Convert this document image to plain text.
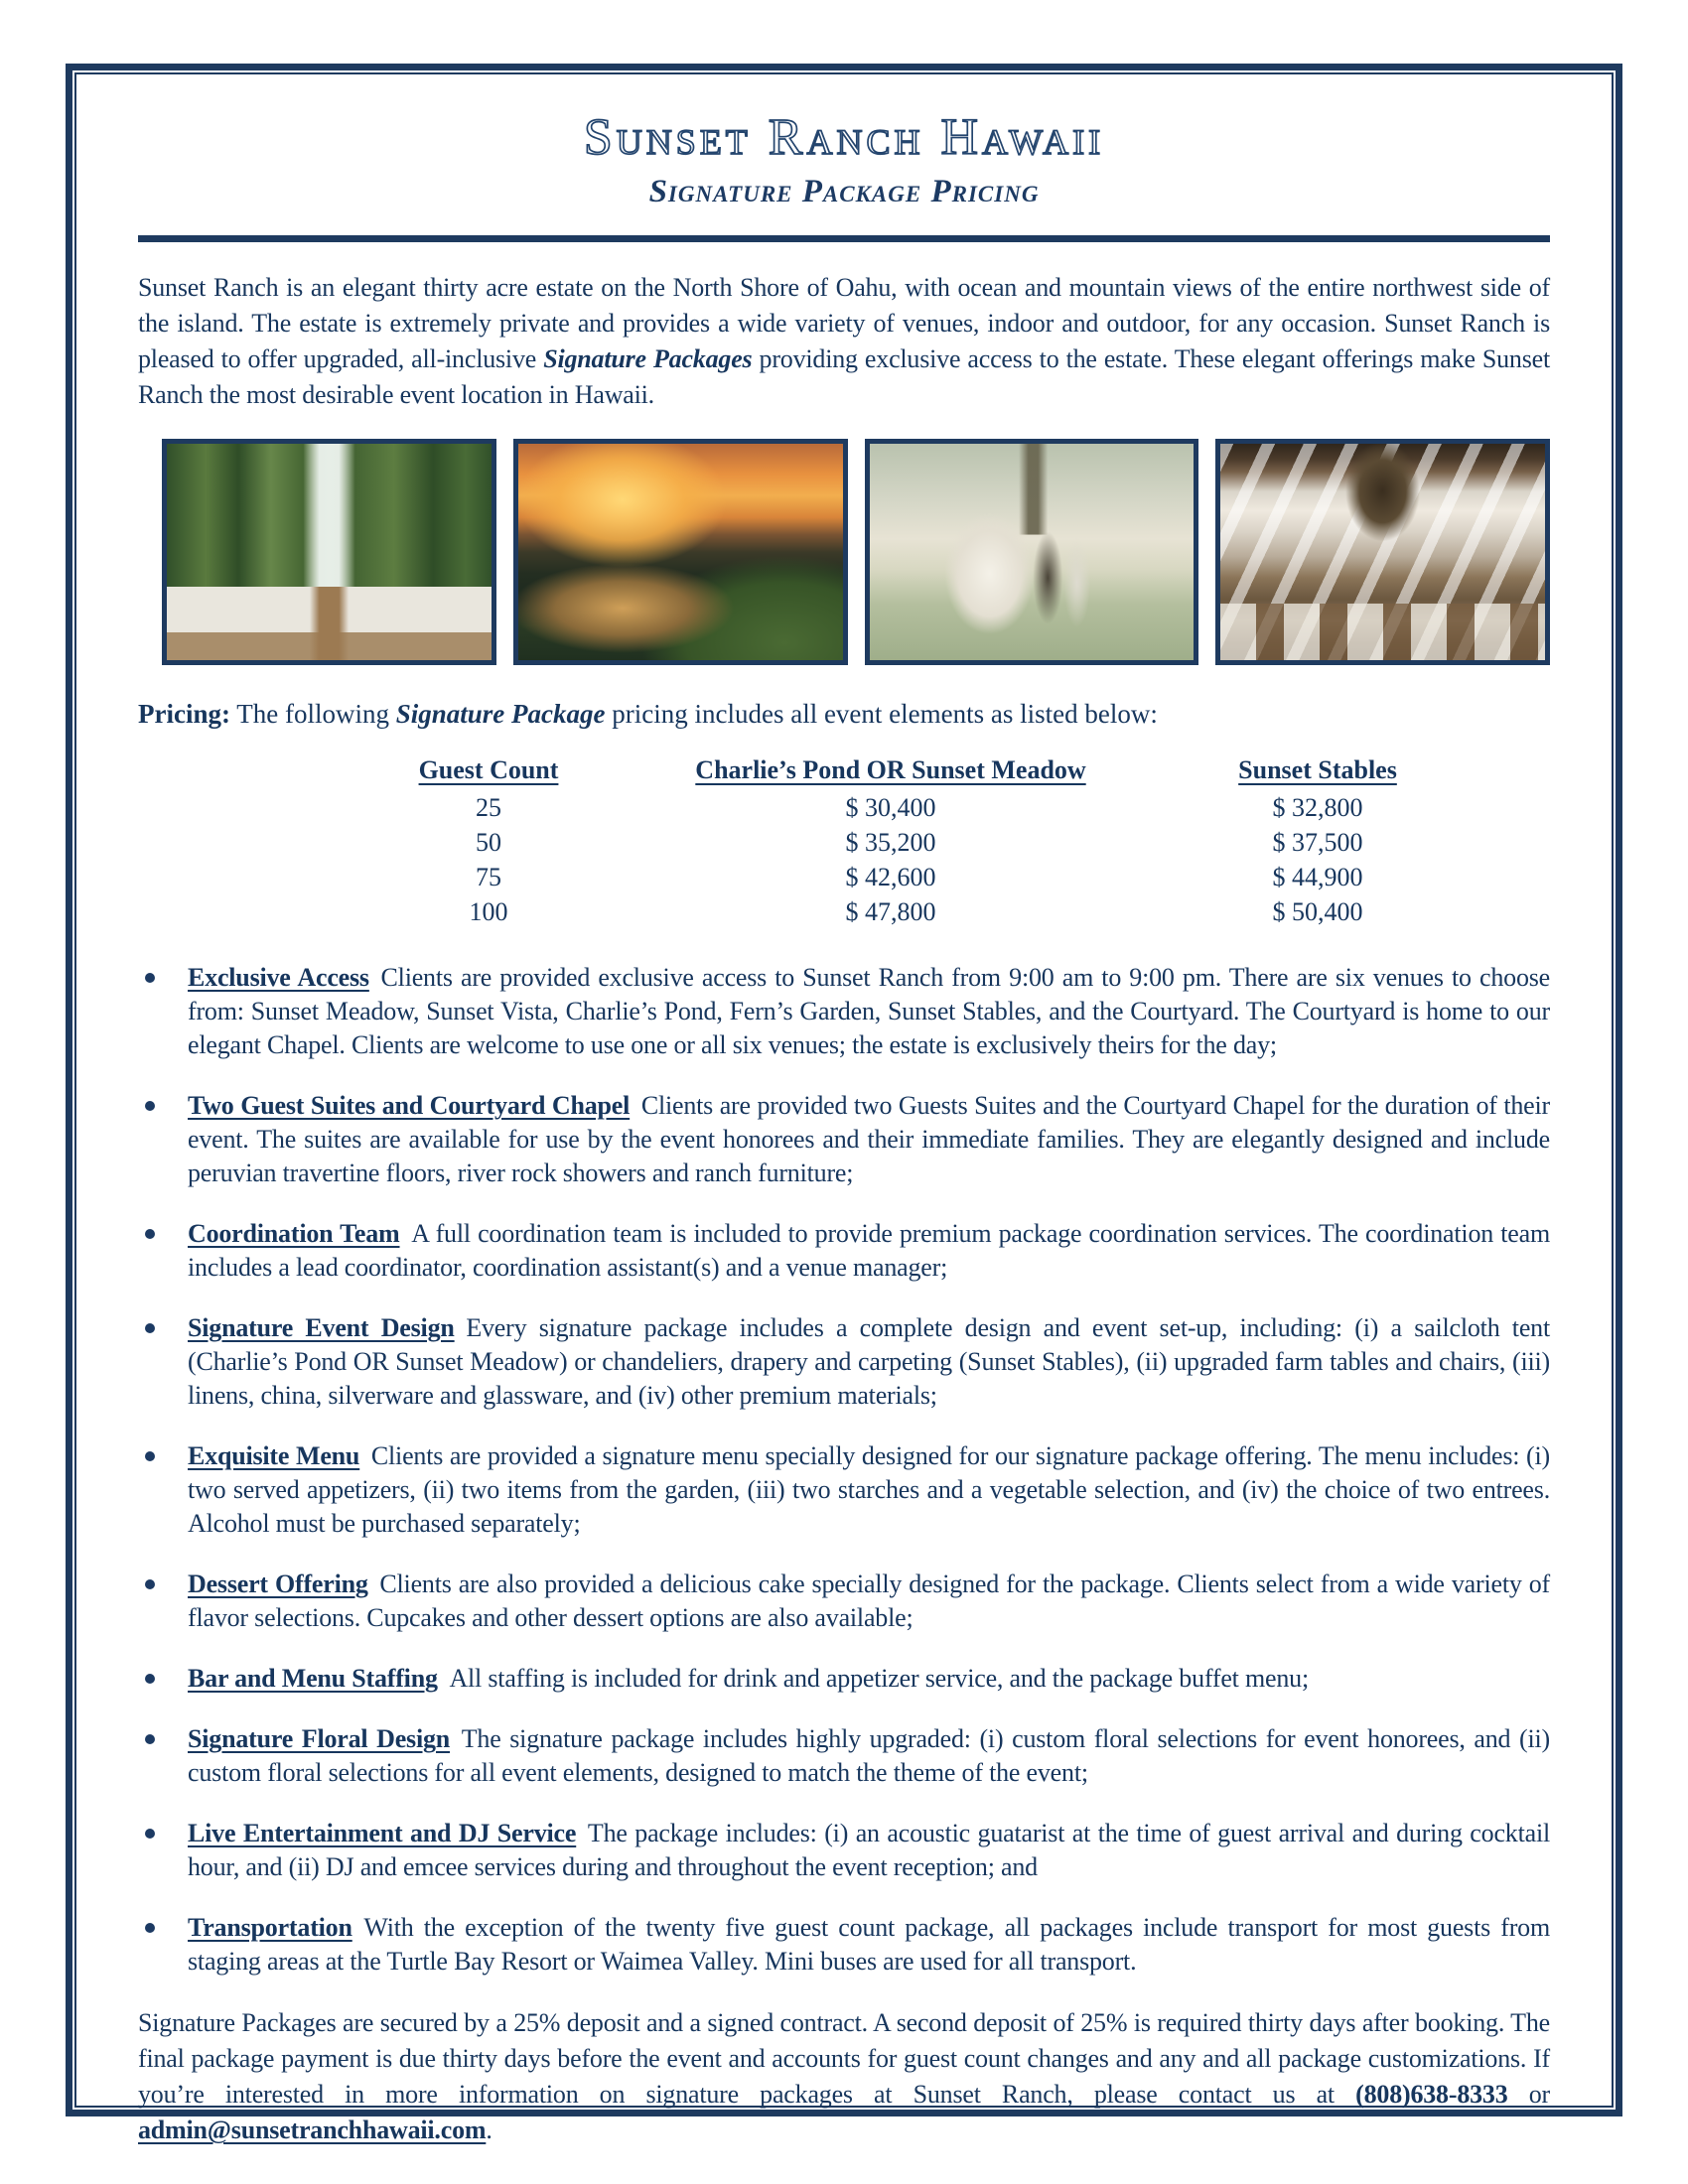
Sunset Ranch Hawaii
Signature Package Pricing
Sunset Ranch is an elegant thirty acre estate on the North Shore of Oahu, with ocean and mountain views of the entire northwest side of the island. The estate is extremely private and provides a wide variety of venues, indoor and outdoor, for any occasion. Sunset Ranch is pleased to offer upgraded, all-inclusive Signature Packages providing exclusive access to the estate. These elegant offerings make Sunset Ranch the most desirable event location in Hawaii.
Pricing: The following Signature Package pricing includes all event elements as listed below:
Guest Count	Charlie’s Pond OR Sunset Meadow	Sunset Stables
25	$ 30,400	$ 32,800
50	$ 35,200	$ 37,500
75	$ 42,600	$ 44,900
100	$ 47,800	$ 50,400
Exclusive Access Clients are provided exclusive access to Sunset Ranch from 9:00 am to 9:00 pm. There are six venues to choose from: Sunset Meadow, Sunset Vista, Charlie’s Pond, Fern’s Garden, Sunset Stables, and the Courtyard. The Courtyard is home to our elegant Chapel. Clients are welcome to use one or all six venues; the estate is exclusively theirs for the day;
Two Guest Suites and Courtyard Chapel Clients are provided two Guests Suites and the Courtyard Chapel for the duration of their event. The suites are available for use by the event honorees and their immediate families. They are elegantly designed and include peruvian travertine floors, river rock showers and ranch furniture;
Coordination Team A full coordination team is included to provide premium package coordination services. The coordination team includes a lead coordinator, coordination assistant(s) and a venue manager;
Signature Event Design Every signature package includes a complete design and event set-up, including: (i) a sailcloth tent (Charlie’s Pond OR Sunset Meadow) or chandeliers, drapery and carpeting (Sunset Stables), (ii) upgraded farm tables and chairs, (iii) linens, china, silverware and glassware, and (iv) other premium materials;
Exquisite Menu Clients are provided a signature menu specially designed for our signature package offering. The menu includes: (i) two served appetizers, (ii) two items from the garden, (iii) two starches and a vegetable selection, and (iv) the choice of two entrees. Alcohol must be purchased separately;
Dessert Offering Clients are also provided a delicious cake specially designed for the package. Clients select from a wide variety of flavor selections. Cupcakes and other dessert options are also available;
Bar and Menu Staffing All staffing is included for drink and appetizer service, and the package buffet menu;
Signature Floral Design The signature package includes highly upgraded: (i) custom floral selections for event honorees, and (ii) custom floral selections for all event elements, designed to match the theme of the event;
Live Entertainment and DJ Service The package includes: (i) an acoustic guatarist at the time of guest arrival and during cocktail hour, and (ii) DJ and emcee services during and throughout the event reception; and
Transportation With the exception of the twenty five guest count package, all packages include transport for most guests from staging areas at the Turtle Bay Resort or Waimea Valley. Mini buses are used for all transport.
Signature Packages are secured by a 25% deposit and a signed contract. A second deposit of 25% is required thirty days after booking. The final package payment is due thirty days before the event and accounts for guest count changes and any and all package customizations. If you’re interested in more information on signature packages at Sunset Ranch, please contact us at (808)638-8333 or admin@sunsetranchhawaii.com.
